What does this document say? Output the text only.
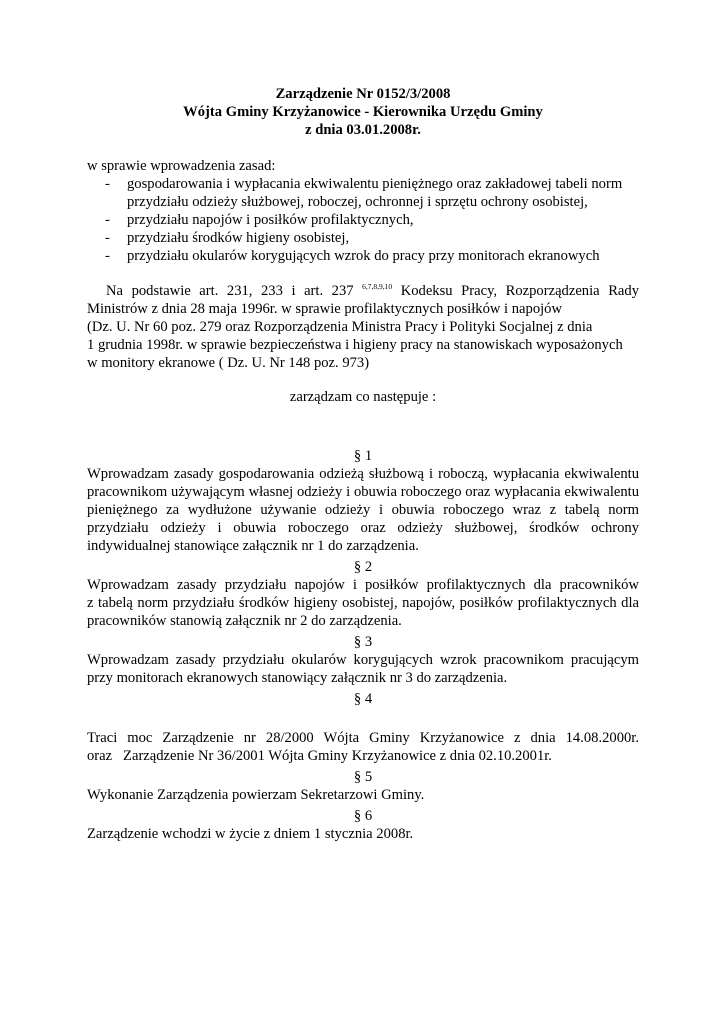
Zarządzenie Nr 0152/3/2008
Wójta Gminy Krzyżanowice - Kierownika Urzędu Gminy
z dnia 03.01.2008r.
w sprawie wprowadzenia zasad:
- gospodarowania i wypłacania ekwiwalentu pieniężnego oraz zakładowej tabeli norm
przydziału odzieży służbowej, roboczej, ochronnej i sprzętu ochrony osobistej,
- przydziału napojów i posiłków profilaktycznych,
- przydziału środków higieny osobistej,
- przydziału okularów korygujących wzrok do pracy przy monitorach ekranowych
Na podstawie art. 231, 233 i art. 237 $^{6,7,8,9,10}$ Kodeksu Pracy, Rozporządzenia Rady
Ministrów z dnia 28 maja 1996r. w sprawie profilaktycznych posiłków i napojów
(Dz. U. Nr 60 poz. 279 oraz Rozporządzenia Ministra Pracy i Polityki Socjalnej z dnia
1 grudnia 1998r. w sprawie bezpieczeństwa i higieny pracy na stanowiskach wyposażonych
w monitory ekranowe ( Dz. U. Nr 148 poz. 973)
zarządzam co następuje :
§ 1
Wprowadzam zasady gospodarowania odzieżą służbową i roboczą, wypłacania ekwiwalentu
pracownikom używającym własnej odzieży i obuwia roboczego oraz wypłacania ekwiwalentu
pieniężnego za wydłużone używanie odzieży i obuwia roboczego wraz z tabelą norm
przydziału odzieży i obuwia roboczego oraz odzieży służbowej, środków ochrony
indywidualnej stanowiące załącznik nr 1 do zarządzenia.
§ 2
Wprowadzam zasady przydziału napojów i posiłków profilaktycznych dla pracowników
z tabelą norm przydziału środków higieny osobistej, napojów, posiłków profilaktycznych dla
pracowników stanowią załącznik nr 2 do zarządzenia.
§ 3
Wprowadzam zasady przydziału okularów korygujących wzrok pracownikom pracującym
przy monitorach ekranowych stanowiący załącznik nr 3 do zarządzenia.
§ 4
Traci moc Zarządzenie nr 28/2000 Wójta Gminy Krzyżanowice z dnia 14.08.2000r.
oraz   Zarządzenie Nr 36/2001 Wójta Gminy Krzyżanowice z dnia 02.10.2001r.
§ 5
Wykonanie Zarządzenia powierzam Sekretarzowi Gminy.
§ 6
Zarządzenie wchodzi w życie z dniem 1 stycznia 2008r.
